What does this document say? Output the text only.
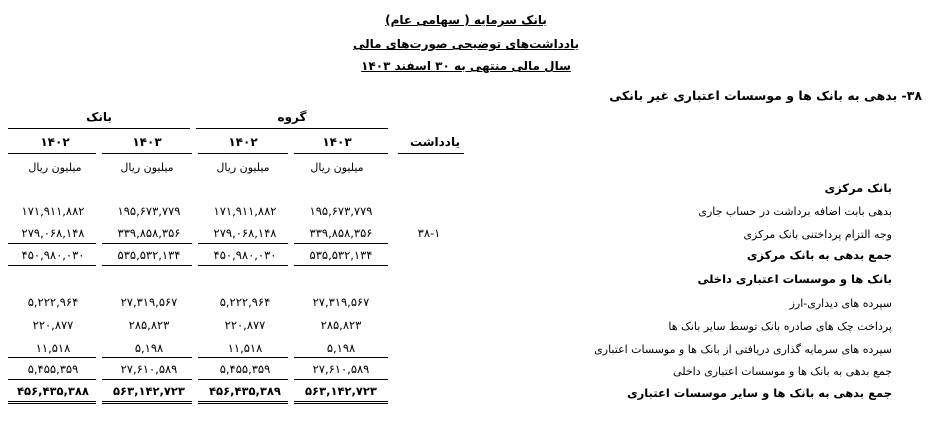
بانک سرمایه ( سهامی عام)
یادداشت‌های توضیحی صورت‌های مالی
سال مالی منتهی به ۳۰ اسفند ۱۴۰۳
۳۸- بدهی به بانک ها و موسسات اعتباری غیر بانکی
گروه
بانک
۱۴۰۳
۱۴۰۲
۱۴۰۳
۱۴۰۲	یادداشت
میلیون ریال
میلیون ریال
میلیون ریال
میلیون ریال
بانک مرکزی
بدهی بابت اضافه برداشت در حساب جاری
۱۹۵,۶۷۳,۷۷۹
۱۷۱,۹۱۱,۸۸۲
۱۹۵,۶۷۳,۷۷۹
۱۷۱,۹۱۱,۸۸۲
وجه التزام پرداختنی بانک مرکزی
۳۸-۱
۳۳۹,۸۵۸,۳۵۶
۲۷۹,۰۶۸,۱۴۸
۳۳۹,۸۵۸,۳۵۶
۲۷۹,۰۶۸,۱۴۸
جمع بدهی به بانک مرکزی
۵۳۵,۵۳۲,۱۳۴
۴۵۰,۹۸۰,۰۳۰
۵۳۵,۵۳۲,۱۳۴
۴۵۰,۹۸۰,۰۳۰
بانک ها و موسسات اعتباری داخلی
سپرده های دیداری-ارز
۲۷,۳۱۹,۵۶۷
۵,۲۲۲,۹۶۴
۲۷,۳۱۹,۵۶۷
۵,۲۲۲,۹۶۴
پرداخت چک های صادره بانک توسط سایر بانک ها
۲۸۵,۸۲۳
۲۲۰,۸۷۷
۲۸۵,۸۲۳
۲۲۰,۸۷۷
سپرده های سرمایه گذاری دریافتی از بانک ها و موسسات اعتباری
۵,۱۹۸
۱۱,۵۱۸
۵,۱۹۸
۱۱,۵۱۸
جمع بدهی به بانک ها و موسسات اعتباری داخلی
۲۷,۶۱۰,۵۸۹
۵,۴۵۵,۳۵۹
۲۷,۶۱۰,۵۸۹
۵,۴۵۵,۳۵۹
جمع بدهی به بانک ها و سایر موسسات اعتباری
۵۶۳,۱۴۲,۷۲۳
۴۵۶,۴۳۵,۳۸۹
۵۶۳,۱۴۲,۷۲۳
۴۵۶,۴۳۵,۳۸۸
